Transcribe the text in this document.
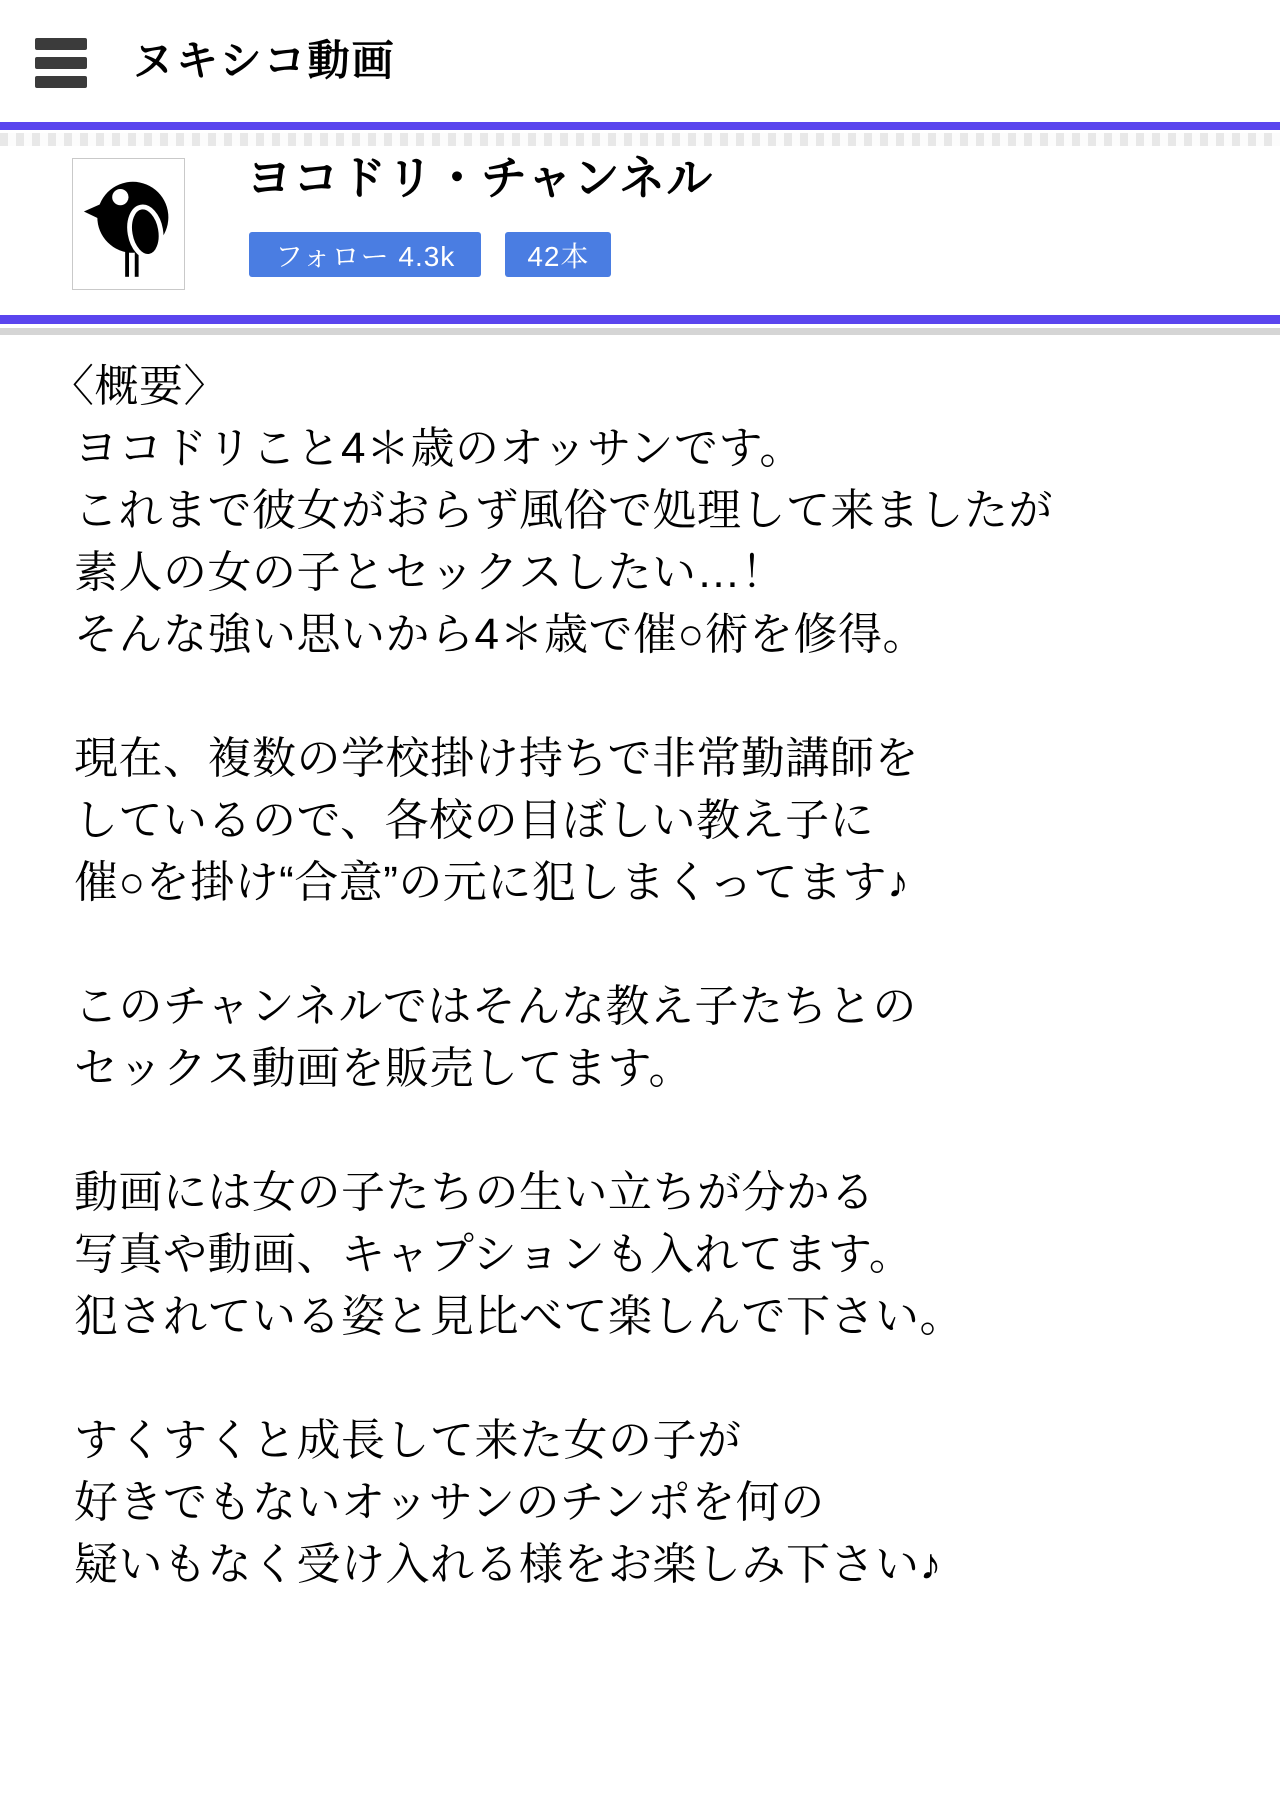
ヌキシコ動画
ヨコドリ・チャンネル
フォロー 4.3k	42本
〈概要〉
ヨコドリこと4＊歳のオッサンです。
これまで彼女がおらず風俗で処理して来ましたが
素人の女の子とセックスしたい…！
そんな強い思いから4＊歳で催○術を修得。
現在、複数の学校掛け持ちで非常勤講師を
しているので、各校の目ぼしい教え子に
催○を掛け“合意”の元に犯しまくってます♪
このチャンネルではそんな教え子たちとの
セックス動画を販売してます。
動画には女の子たちの生い立ちが分かる
写真や動画、キャプションも入れてます。
犯されている姿と見比べて楽しんで下さい。
すくすくと成長して来た女の子が
好きでもないオッサンのチンポを何の
疑いもなく受け入れる様をお楽しみ下さい♪
